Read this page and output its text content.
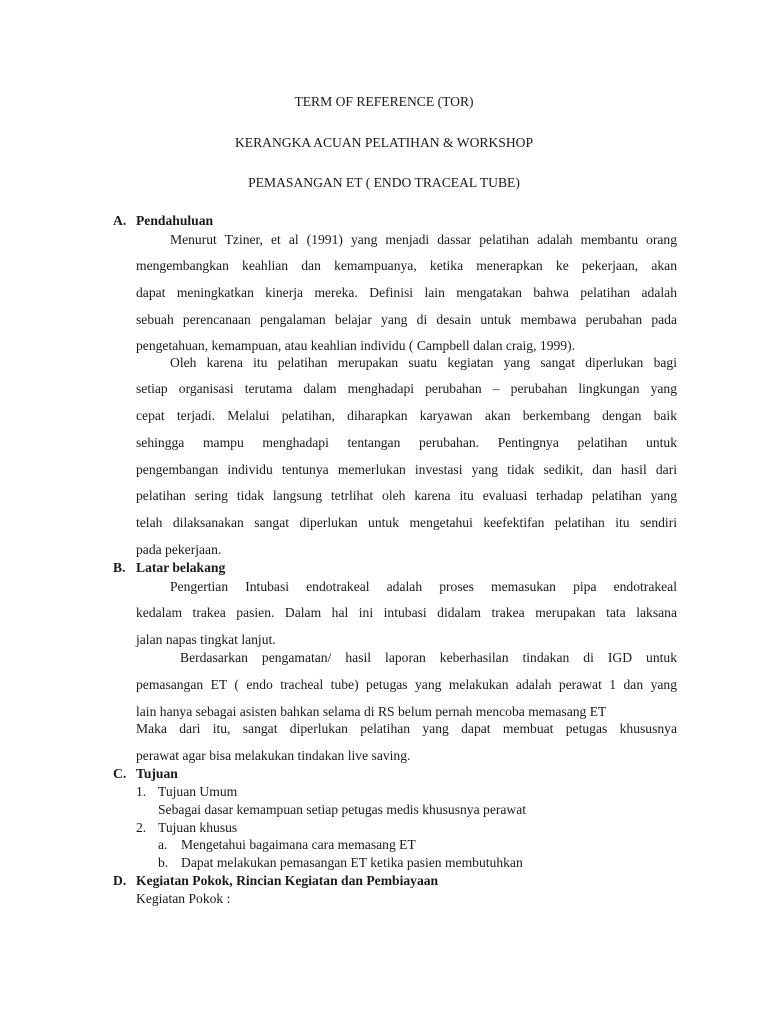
TERM OF REFERENCE (TOR)
KERANGKA ACUAN PELATIHAN & WORKSHOP
PEMASANGAN ET ( ENDO TRACEAL TUBE)
A. Pendahuluan
Menurut Tziner, et al (1991) yang menjadi dassar pelatihan adalah membantu orang
mengembangkan keahlian dan kemampuanya, ketika menerapkan ke pekerjaan, akan
dapat meningkatkan kinerja mereka. Definisi lain mengatakan bahwa pelatihan adalah
sebuah perencanaan pengalaman belajar yang di desain untuk membawa perubahan pada
pengetahuan, kemampuan, atau keahlian individu ( Campbell dalan craig, 1999).
Oleh karena itu pelatihan merupakan suatu kegiatan yang sangat diperlukan bagi
setiap organisasi terutama dalam menghadapi perubahan – perubahan lingkungan yang
cepat terjadi. Melalui pelatihan, diharapkan karyawan akan berkembang dengan baik
sehingga mampu menghadapi tentangan perubahan. Pentingnya pelatihan untuk
pengembangan individu tentunya memerlukan investasi yang tidak sedikit, dan hasil dari
pelatihan sering tidak langsung tetrlihat oleh karena itu evaluasi terhadap pelatihan yang
telah dilaksanakan sangat diperlukan untuk mengetahui keefektifan pelatihan itu sendiri
pada pekerjaan.
B. Latar belakang
Pengertian Intubasi endotrakeal adalah proses memasukan pipa endotrakeal
kedalam trakea pasien. Dalam hal ini intubasi didalam trakea merupakan tata laksana
jalan napas tingkat lanjut.
Berdasarkan pengamatan/ hasil laporan keberhasilan tindakan di IGD untuk
pemasangan ET ( endo tracheal tube) petugas yang melakukan adalah perawat 1 dan yang
lain hanya sebagai asisten bahkan selama di RS belum pernah mencoba memasang ET
Maka dari itu, sangat diperlukan pelatihan yang dapat membuat petugas khususnya
perawat agar bisa melakukan tindakan live saving.
C. Tujuan
1. Tujuan Umum
Sebagai dasar kemampuan setiap petugas medis khususnya perawat
2. Tujuan khusus
a. Mengetahui bagaimana cara memasang ET
b. Dapat melakukan pemasangan ET ketika pasien membutuhkan
D. Kegiatan Pokok, Rincian Kegiatan dan Pembiayaan
Kegiatan Pokok :
